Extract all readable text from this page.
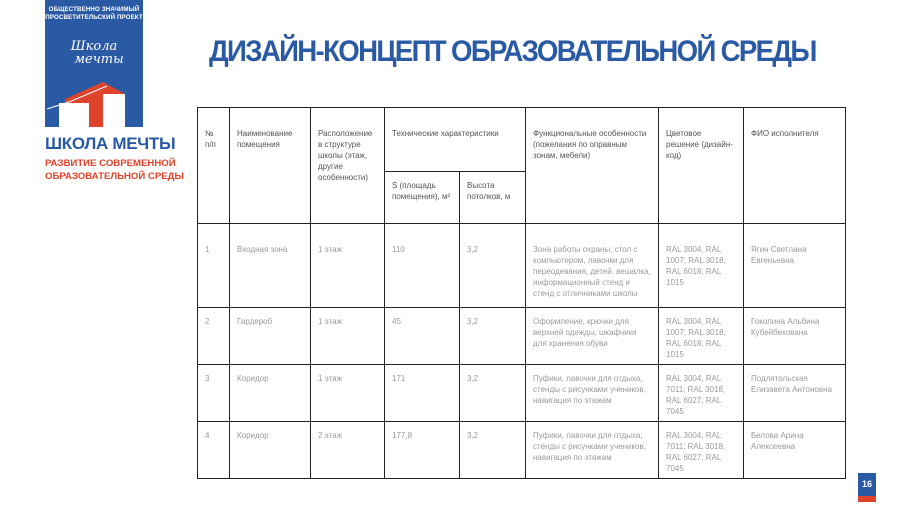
ОБЩЕСТВЕННО ЗНАЧИМЫЙ
ПРОСВЕТИТЕЛЬСКИЙ ПРОЕКТ
Школа
мечты
ШКОЛА МЕЧТЫ
РАЗВИТИЕ СОВРЕМЕННОЙ
ОБРАЗОВАТЕЛЬНОЙ СРЕДЫ
ДИЗАЙН-КОНЦЕПТ ОБРАЗОВАТЕЛЬНОЙ СРЕДЫ
№ п/п	Наименование помещения	Расположение в структуре школы (этаж, другие особенности)	Технические характеристики		Функциональные особенности (пожелания по оправным зонам, мебели)	Цветовое решение (дизайн-код)	ФИО исполнителя
			S (площадь помещения), м²	Высота потолков, м			
1	Входная зона	1 этаж	110	3,2	Зона работы охраны, стол с компьютером, лавочки для переодевания, детей, вешалка, информационный стенд и стенд с отличниками школы	RAL 3004, RAL 1007; RAL 3018, RAL 6018; RAL 1015	Ягин Светлана Евгеньевна
2	Гардероб	1 этаж	45	3,2	Оформление, крючки для верхней одежды, шкафчики для хранения обуви	RAL 3004, RAL 1007; RAL 3018, RAL 6018; RAL 1015	Гоколина Альбина Кубейбекована
3	Коридор	1 этаж	171	3,2	Пуфики, лавочки для отдыха, стенды с рисунками учеников, навигация по этажам	RAL 3004, RAL 7011; RAL 3018, RAL 6027; RAL 7045	Подлятольская Елизавета Антоновна
4	Коридор	2 этаж	177,8	3,2	Пуфики, лавочки для отдыха, стенды с рисунками учеников, навигация по этажам	RAL 3004, RAL 7011; RAL 3018, RAL 6027; RAL 7045	Белова Арина Алексеевна
16
